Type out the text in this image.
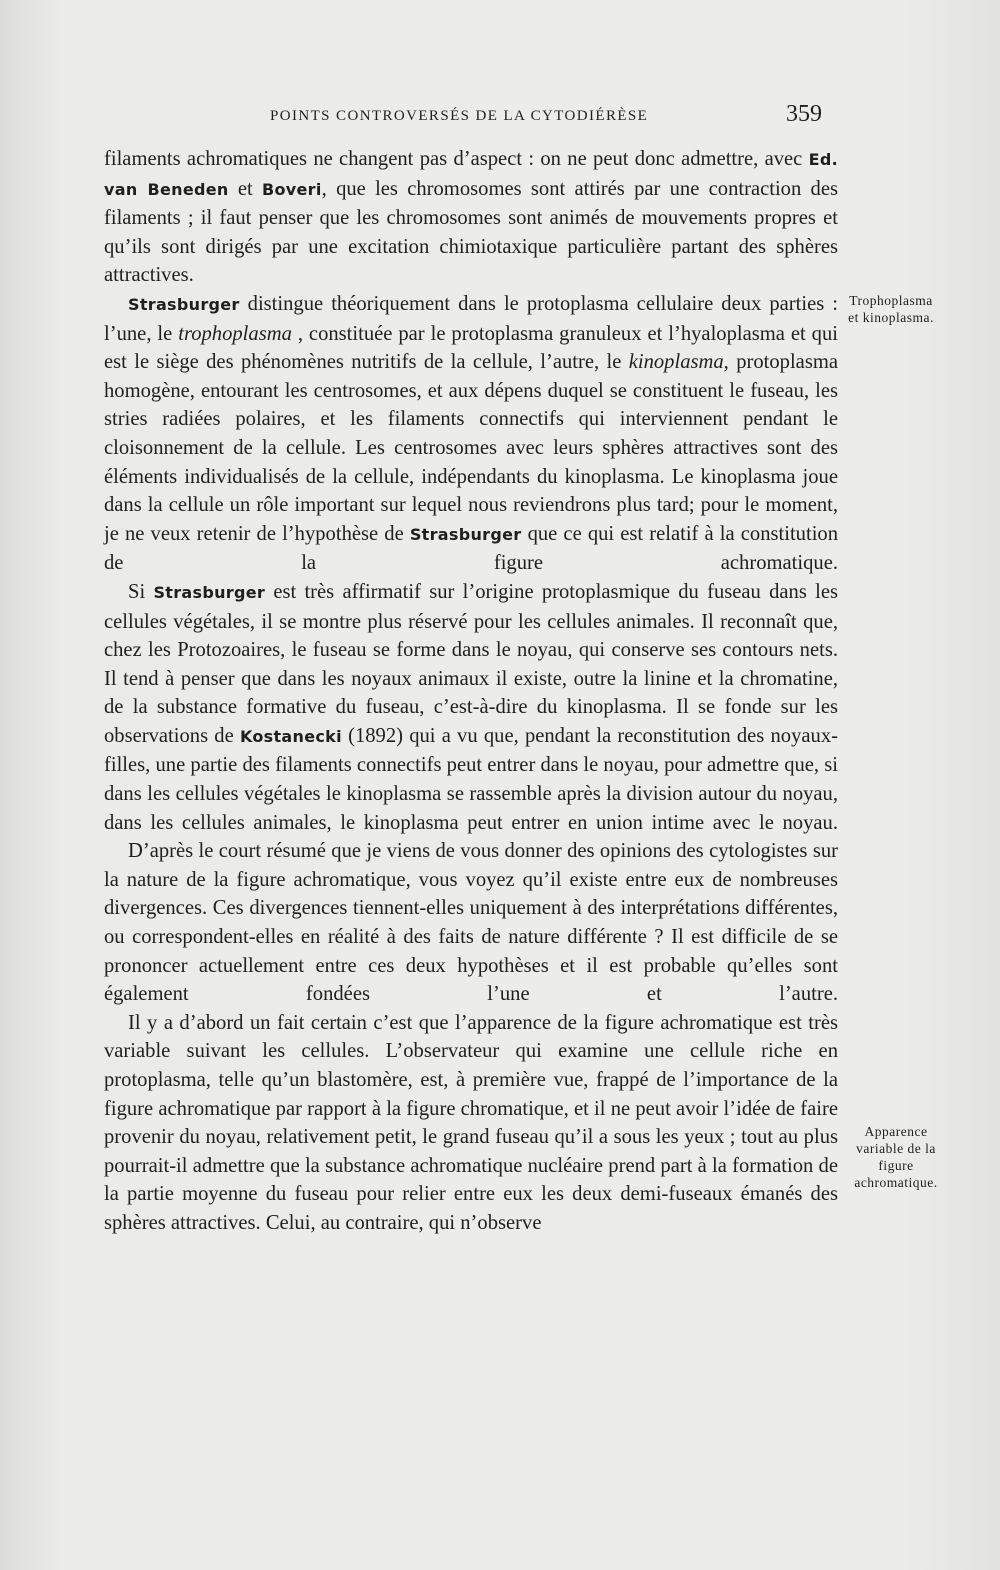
POINTS CONTROVERSÉS DE LA CYTODIÉRÈSE	359

filaments achromatiques ne changent pas d’aspect : on ne peut donc admettre, avec Ed. van Beneden et Boveri, que les chromosomes sont attirés par une contraction des filaments ; il faut penser que les chromosomes sont animés de mouvements propres et qu’ils sont dirigés par une excitation chimiotaxique particulière partant des sphères attractives.

Strasburger distingue théoriquement dans le protoplasma cellulaire deux parties : l’une, le trophoplasma , constituée par le protoplasma granuleux et l’hyaloplasma et qui est le siège des phénomènes nutritifs de la cellule, l’autre, le kinoplasma, protoplasma homogène, entourant les centrosomes, et aux dépens duquel se constituent le fuseau, les stries radiées polaires, et les filaments connectifs qui interviennent pendant le cloisonnement de la cellule. Les centrosomes avec leurs sphères attractives sont des éléments individualisés de la cellule, indépendants du kinoplasma. Le kinoplasma joue dans la cellule un rôle important sur lequel nous reviendrons plus tard; pour le moment, je ne veux retenir de l’hypothèse de Strasburger que ce qui est relatif à la constitution de la figure achromatique.

Si Strasburger est très affirmatif sur l’origine protoplasmique du fuseau dans les cellules végétales, il se montre plus réservé pour les cellules animales. Il reconnaît que, chez les Protozoaires, le fuseau se forme dans le noyau, qui conserve ses contours nets. Il tend à penser que dans les noyaux animaux il existe, outre la linine et la chromatine, de la substance formative du fuseau, c’est-à-dire du kinoplasma. Il se fonde sur les observations de Kostanecki (1892) qui a vu que, pendant la reconstitution des noyaux-filles, une partie des filaments connectifs peut entrer dans le noyau, pour admettre que, si dans les cellules végétales le kinoplasma se rassemble après la division autour du noyau, dans les cellules animales, le kinoplasma peut entrer en union intime avec le noyau.

D’après le court résumé que je viens de vous donner des opinions des cytologistes sur la nature de la figure achromatique, vous voyez qu’il existe entre eux de nombreuses divergences. Ces divergences tiennent-elles uniquement à des interprétations différentes, ou correspondent-elles en réalité à des faits de nature différente ? Il est difficile de se prononcer actuellement entre ces deux hypothèses et il est probable qu’elles sont également fondées l’une et l’autre.

Il y a d’abord un fait certain c’est que l’apparence de la figure achromatique est très variable suivant les cellules. L’observateur qui examine une cellule riche en protoplasma, telle qu’un blastomère, est, à première vue, frappé de l’importance de la figure achromatique par rapport à la figure chromatique, et il ne peut avoir l’idée de faire provenir du noyau, relativement petit, le grand fuseau qu’il a sous les yeux ; tout au plus pourrait-il admettre que la substance achromatique nucléaire prend part à la formation de la partie moyenne du fuseau pour relier entre eux les deux demi-fuseaux émanés des sphères attractives. Celui, au contraire, qui n’observe

Trophoplasma
et kinoplasma.
Apparence
variable de la
figure
achromatique.
